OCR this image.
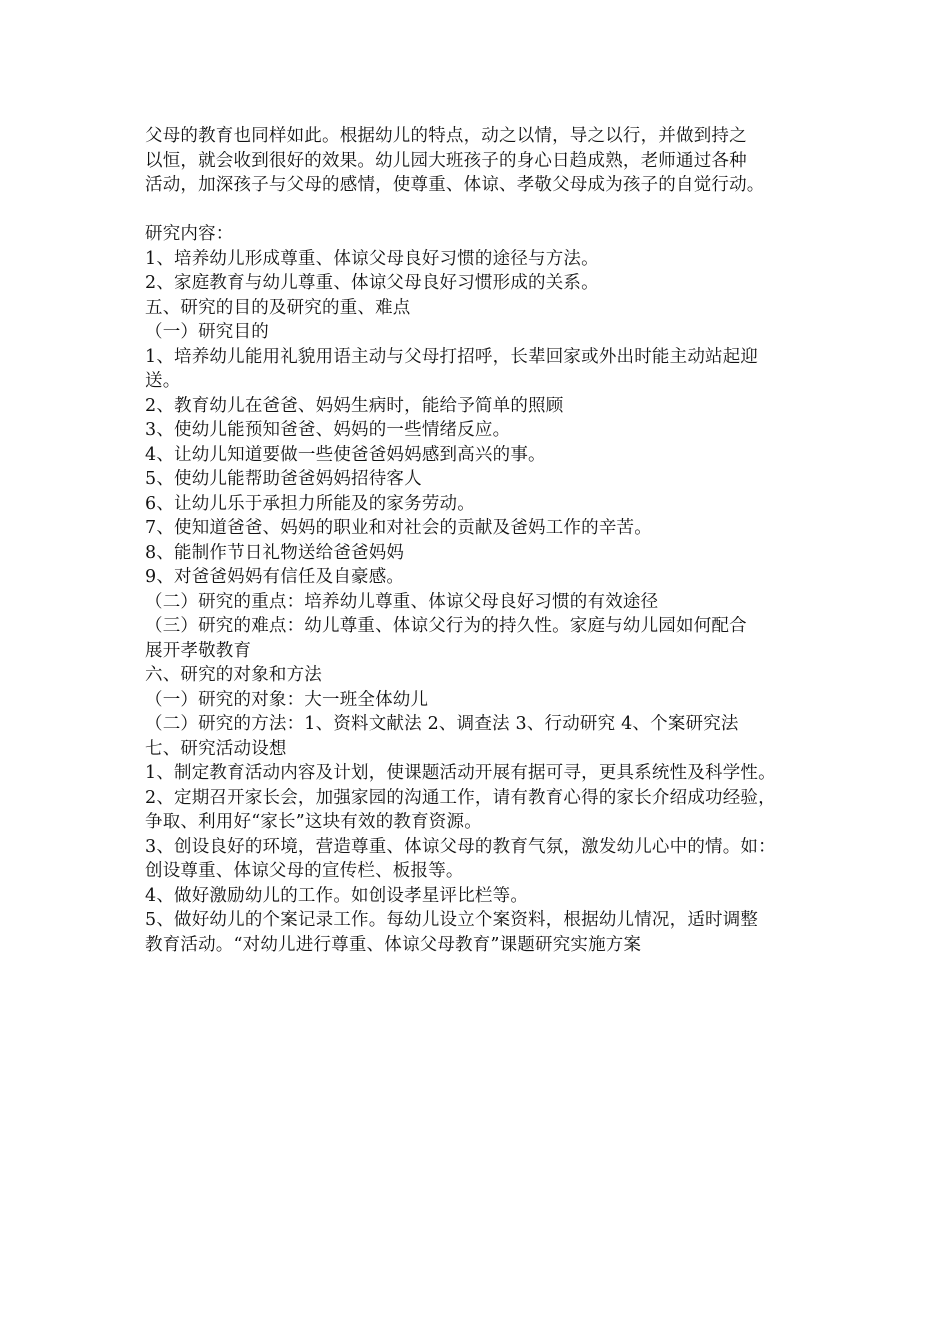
父母的教育也同样如此。根据幼儿的特点，动之以情，导之以行，并做到持之
以恒，就会收到很好的效果。幼儿园大班孩子的身心日趋成熟，老师通过各种
活动，加深孩子与父母的感情，使尊重、体谅、孝敬父母成为孩子的自觉行动。
研究内容：
1、培养幼儿形成尊重、体谅父母良好习惯的途径与方法。
2、家庭教育与幼儿尊重、体谅父母良好习惯形成的关系。
五、研究的目的及研究的重、难点
（一）研究目的
1、培养幼儿能用礼貌用语主动与父母打招呼，长辈回家或外出时能主动站起迎
送。
2、教育幼儿在爸爸、妈妈生病时，能给予简单的照顾
3、使幼儿能预知爸爸、妈妈的一些情绪反应。
4、让幼儿知道要做一些使爸爸妈妈感到高兴的事。
5、使幼儿能帮助爸爸妈妈招待客人
6、让幼儿乐于承担力所能及的家务劳动。
7、使知道爸爸、妈妈的职业和对社会的贡献及爸妈工作的辛苦。
8、能制作节日礼物送给爸爸妈妈
9、对爸爸妈妈有信任及自豪感。
（二）研究的重点：培养幼儿尊重、体谅父母良好习惯的有效途径
（三）研究的难点：幼儿尊重、体谅父行为的持久性。家庭与幼儿园如何配合
展开孝敬教育
六、研究的对象和方法
（一）研究的对象：大一班全体幼儿
（二）研究的方法：1、资料文献法 2、调查法 3、行动研究 4、个案研究法
七、研究活动设想
1、制定教育活动内容及计划，使课题活动开展有据可寻，更具系统性及科学性。
2、定期召开家长会，加强家园的沟通工作，请有教育心得的家长介绍成功经验，
争取、利用好“家长”这块有效的教育资源。
3、创设良好的环境，营造尊重、体谅父母的教育气氛，激发幼儿心中的情。如：
创设尊重、体谅父母的宣传栏、板报等。
4、做好激励幼儿的工作。如创设孝星评比栏等。
5、做好幼儿的个案记录工作。每幼儿设立个案资料，根据幼儿情况，适时调整
教育活动。“对幼儿进行尊重、体谅父母教育”课题研究实施方案
